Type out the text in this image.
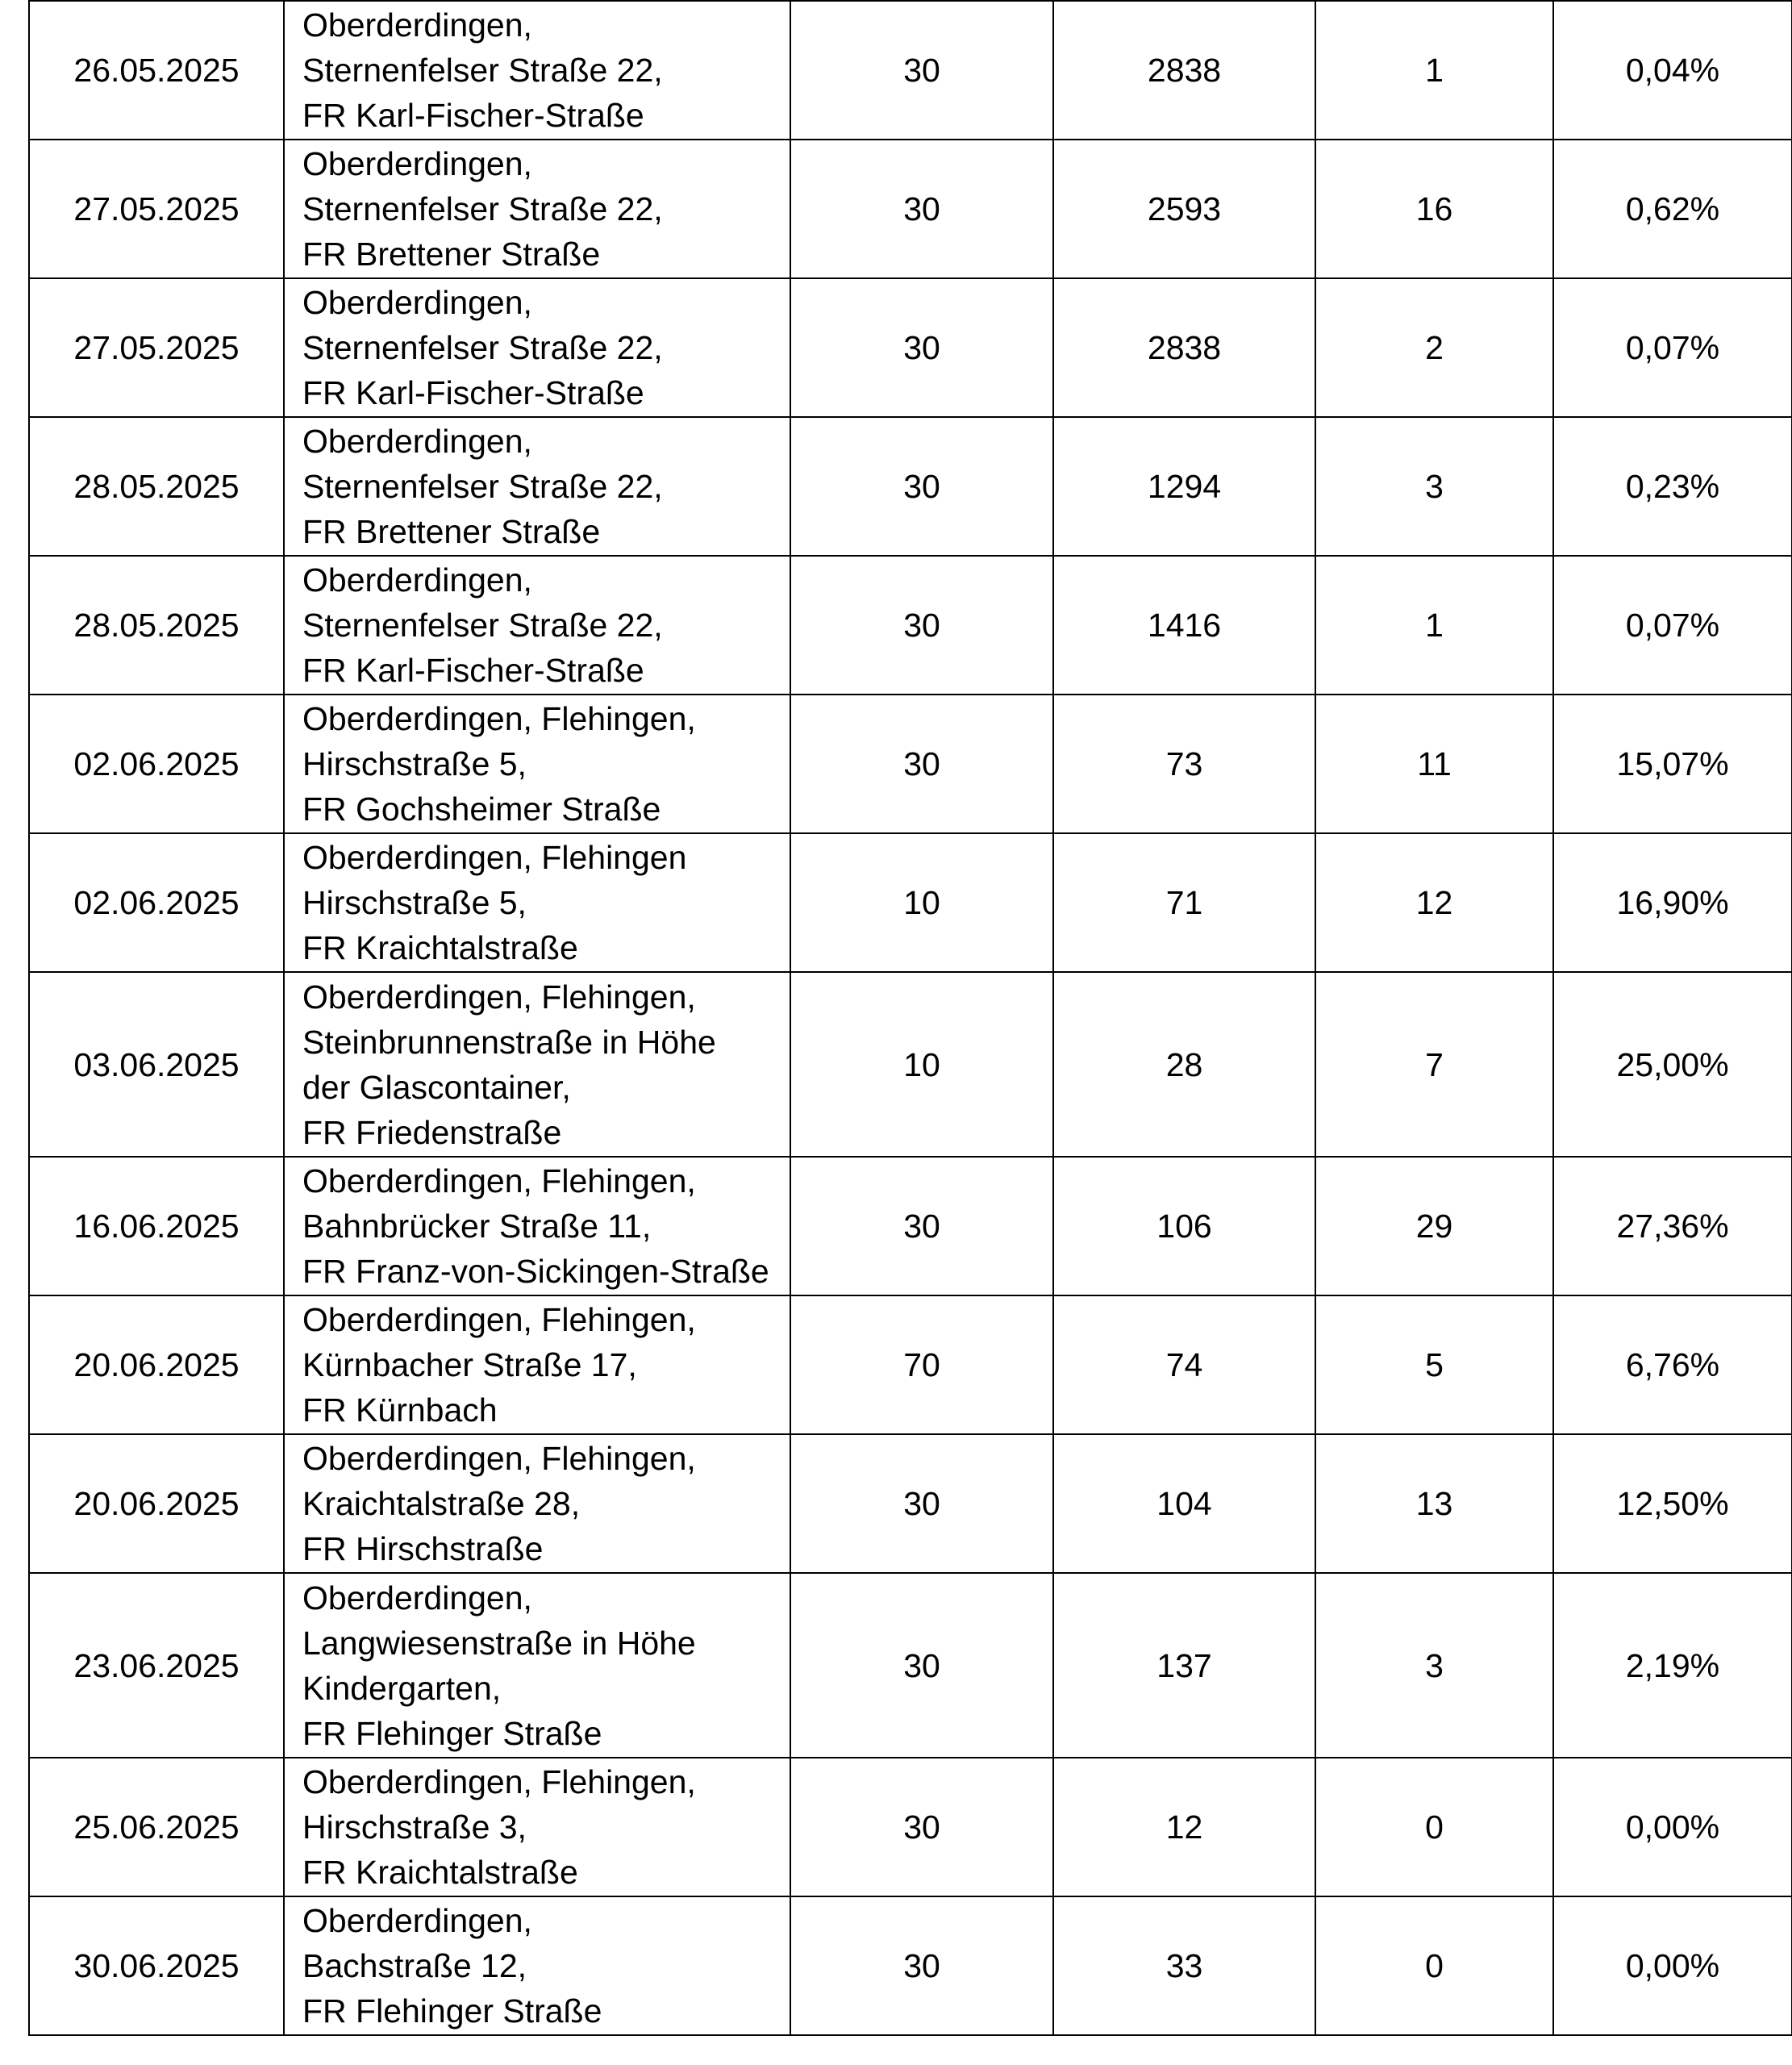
26.05.2025	Oberderdingen,
Sternenfelser Straße 22,
FR Karl-Fischer-Straße	30	2838	1	0,04%
27.05.2025	Oberderdingen,
Sternenfelser Straße 22,
FR Brettener Straße	30	2593	16	0,62%
27.05.2025	Oberderdingen,
Sternenfelser Straße 22,
FR Karl-Fischer-Straße	30	2838	2	0,07%
28.05.2025	Oberderdingen,
Sternenfelser Straße 22,
FR Brettener Straße	30	1294	3	0,23%
28.05.2025	Oberderdingen,
Sternenfelser Straße 22,
FR Karl-Fischer-Straße	30	1416	1	0,07%
02.06.2025	Oberderdingen, Flehingen,
Hirschstraße 5,
FR Gochsheimer Straße	30	73	11	15,07%
02.06.2025	Oberderdingen, Flehingen
Hirschstraße 5,
FR Kraichtalstraße	10	71	12	16,90%
03.06.2025	Oberderdingen, Flehingen,
Steinbrunnenstraße in Höhe
der Glascontainer,
FR Friedenstraße	10	28	7	25,00%
16.06.2025	Oberderdingen, Flehingen,
Bahnbrücker Straße 11,
FR Franz-von-Sickingen-Straße	30	106	29	27,36%
20.06.2025	Oberderdingen, Flehingen,
Kürnbacher Straße 17,
FR Kürnbach	70	74	5	6,76%
20.06.2025	Oberderdingen, Flehingen,
Kraichtalstraße 28,
FR Hirschstraße	30	104	13	12,50%
23.06.2025	Oberderdingen,
Langwiesenstraße in Höhe
Kindergarten,
FR Flehinger Straße	30	137	3	2,19%
25.06.2025	Oberderdingen, Flehingen,
Hirschstraße 3,
FR Kraichtalstraße	30	12	0	0,00%
30.06.2025	Oberderdingen,
Bachstraße 12,
FR Flehinger Straße	30	33	0	0,00%
